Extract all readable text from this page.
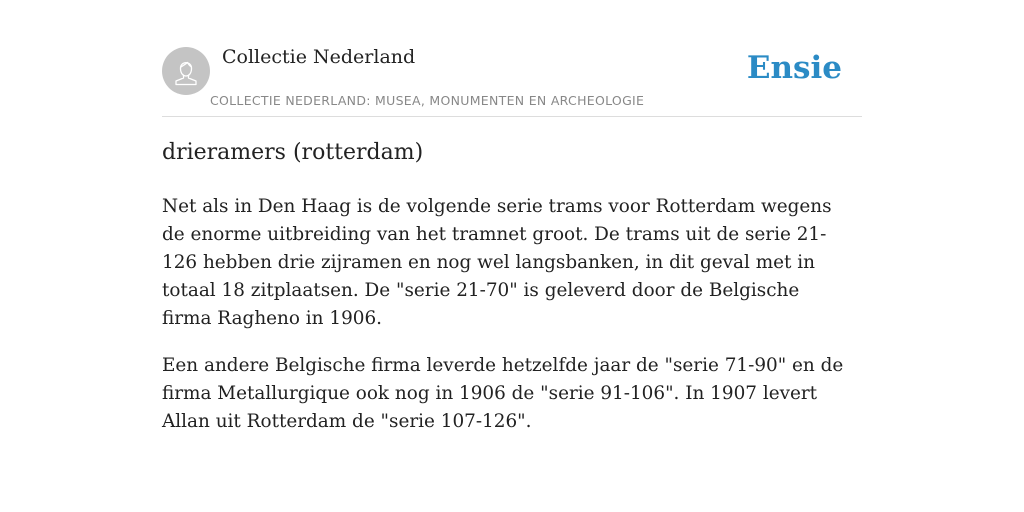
Collectie Nederland
COLLECTIE NEDERLAND: MUSEA, MONUMENTEN EN ARCHEOLOGIE
Ensie
drieramers (rotterdam)

Net als in Den Haag is de volgende serie trams voor Rotterdam wegens de enorme uitbreiding van het tramnet groot. De trams uit de serie 21-126 hebben drie zijramen en nog wel langsbanken, in dit geval met in totaal 18 zitplaatsen. De "serie 21-70" is geleverd door de Belgische firma Ragheno in 1906.

Een andere Belgische firma leverde hetzelfde jaar de "serie 71-90" en de firma Metallurgique ook nog in 1906 de "serie 91-106". In 1907 levert Allan uit Rotterdam de "serie 107-126".
